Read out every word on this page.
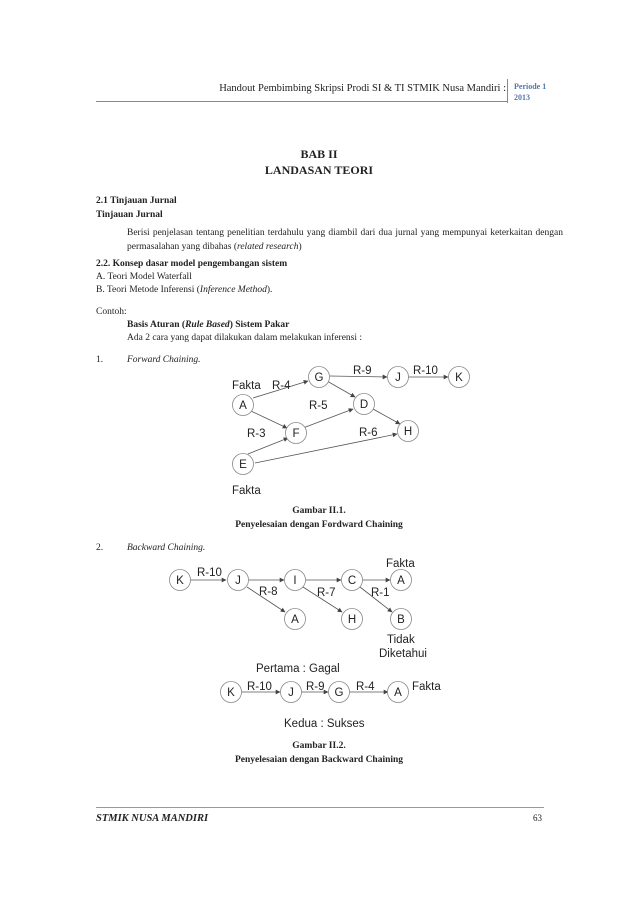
Handout Pembimbing Skripsi Prodi SI & TI STMIK Nusa Mandiri : Periode 1
2013
BAB II
LANDASAN TEORI
2.1 Tinjauan Jurnal
Tinjauan Jurnal
Berisi penjelasan tentang penelitian terdahulu yang diambil dari dua jurnal yang mempunyai keterkaitan dengan permasalahan yang dibahas (related research)
2.2. Konsep dasar model pengembangan sistem
A. Teori Model Waterfall
B. Teori Metode Inferensi (Inference Method).
Contoh:
Basis Aturan (Rule Based) Sistem Pakar
Ada 2 cara yang dapat dilakukan dalam melakukan inferensi :
1.	Forward Chaining.
A
E
F
G
D
J	K
H
Fakta R-4
R-3
R-5
R-6
R-9	R-10
Fakta
K	J	I	C	A
A	H	B
Fakta
R-10
R-8	R-7	R-1
Tidak
Diketahui
Pertama : Gagal
K	J	G	A
R-10	R-9	R-4	Fakta
Kedua : Sukses
Gambar II.1.
Penyelesaian dengan Fordward Chaining
2.	Backward Chaining.
Gambar II.2.
Penyelesaian dengan Backward Chaining
STMIK NUSA MANDIRI	63
